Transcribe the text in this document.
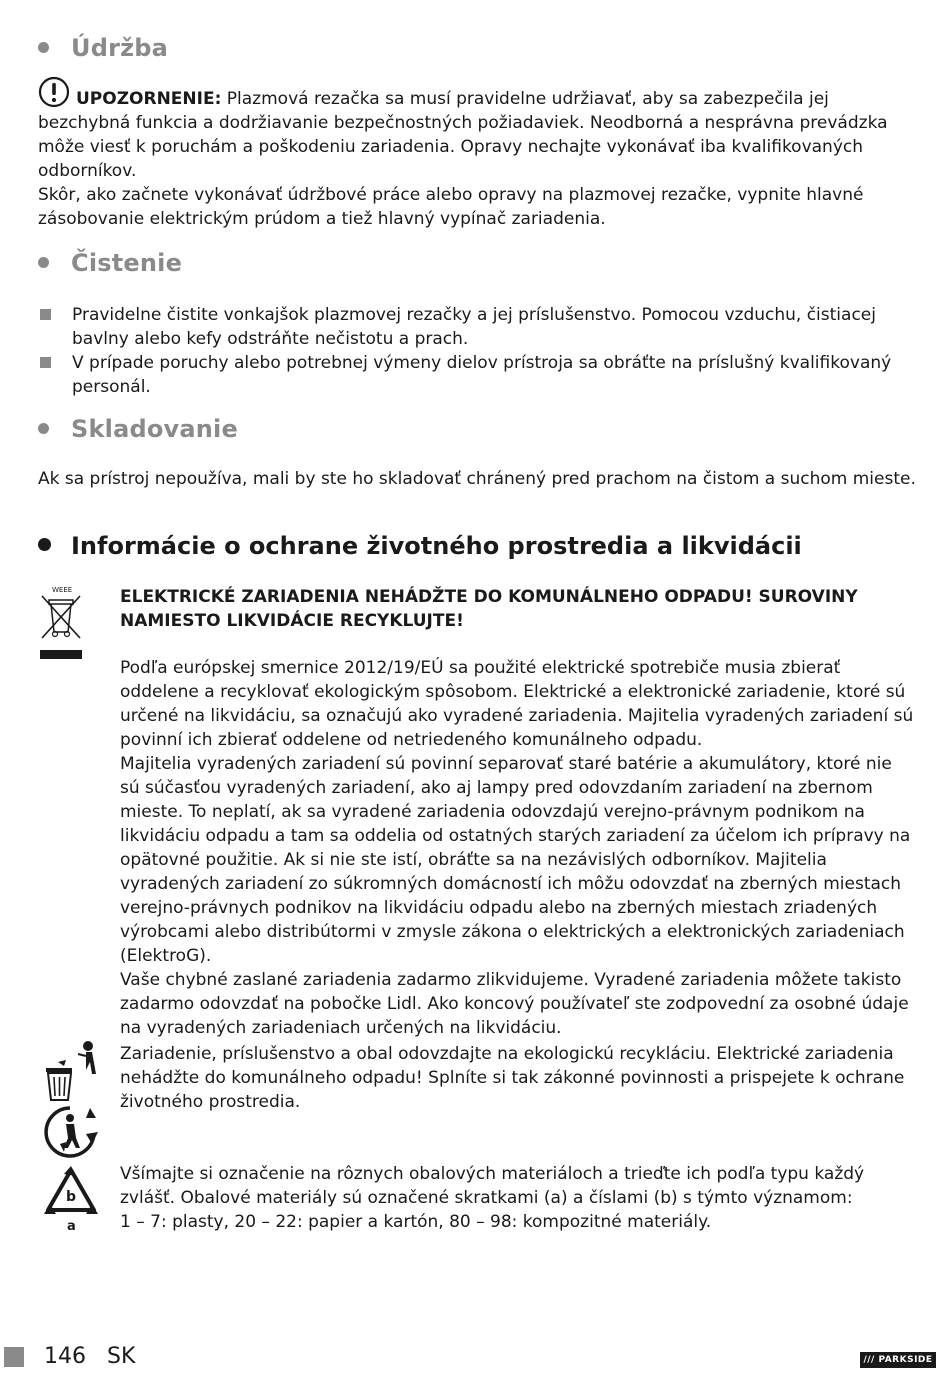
Údržba

UPOZORNENIE: Plazmová rezačka sa musí pravidelne udržiavať, aby sa zabezpečila jej bezchybná funkcia a dodržiavanie bezpečnostných požiadaviek. Neodborná a nesprávna prevádzka môže viesť k poruchám a poškodeniu zariadenia. Opravy nechajte vykonávať iba kvalifikovaných odborníkov.

Skôr, ako začnete vykonávať údržbové práce alebo opravy na plazmovej rezačke, vypnite hlavné zásobovanie elektrickým prúdom a tiež hlavný vypínač zariadenia.

Čistenie
Pravidelne čistite vonkajšok plazmovej rezačky a jej príslušenstvo. Pomocou vzduchu, čistiacej bavlny alebo kefy odstráňte nečistotu a prach.
V prípade poruchy alebo potrebnej výmeny dielov prístroja sa obráťte na príslušný kvalifikovaný personál.
Skladovanie
Ak sa prístroj nepoužíva, mali by ste ho skladovať chránený pred prachom na čistom a suchom mieste.
Informácie o ochrane životného prostredia a likvidácii
WEEE	ELEKTRICKÉ ZARIADENIA NEHÁDŽTE DO KOMUNÁLNEHO ODPADU! SUROVINY NAMIESTO LIKVIDÁCIE RECYKLUJTE!

Podľa európskej smernice 2012/19/EÚ sa použité elektrické spotrebiče musia zbierať oddelene a recyklovať ekologickým spôsobom. Elektrické a elektronické zariadenie, ktoré sú určené na likvidáciu, sa označujú ako vyradené zariadenia. Majitelia vyradených zariadení sú povinní ich zbierať oddelene od netriedeného komunálneho odpadu.

Majitelia vyradených zariadení sú povinní separovať staré batérie a akumulátory, ktoré nie sú súčasťou vyradených zariadení, ako aj lampy pred odovzdaním zariadení na zbernom mieste. To neplatí, ak sa vyradené zariadenia odovzdajú verejno-právnym podnikom na likvidáciu odpadu a tam sa oddelia od ostatných starých zariadení za účelom ich prípravy na opätovné použitie. Ak si nie ste istí, obráťte sa na nezávislých odborníkov. Majitelia vyradených zariadení zo súkromných domácností ich môžu odovzdať na zberných miestach verejno-právnych podnikov na likvidáciu odpadu alebo na zberných miestach zriadených výrobcami alebo distribútormi v zmysle zákona o elektrických a elektronických zariadeniach (ElektroG).

Vaše chybné zaslané zariadenia zadarmo zlikvidujeme. Vyradené zariadenia môžete takisto zadarmo odovzdať na pobočke Lidl. Ako koncový používateľ ste zodpovední za osobné údaje na vyradených zariadeniach určených na likvidáciu.

Zariadenie, príslušenstvo a obal odovzdajte na ekologickú recykláciu. Elektrické zariadenia nehádžte do komunálneho odpadu! Splníte si tak zákonné povinnosti a prispejete k ochrane životného prostredia.
b
a

Všímajte si označenie na rôznych obalových materiáloch a trieďte ich podľa typu každý zvlášť. Obalové materiály sú označené skratkami (a) a číslami (b) s týmto významom:

1 – 7: plasty, 20 – 22: papier a kartón, 80 – 98: kompozitné materiály.

146 SK	/// PARKSIDE
